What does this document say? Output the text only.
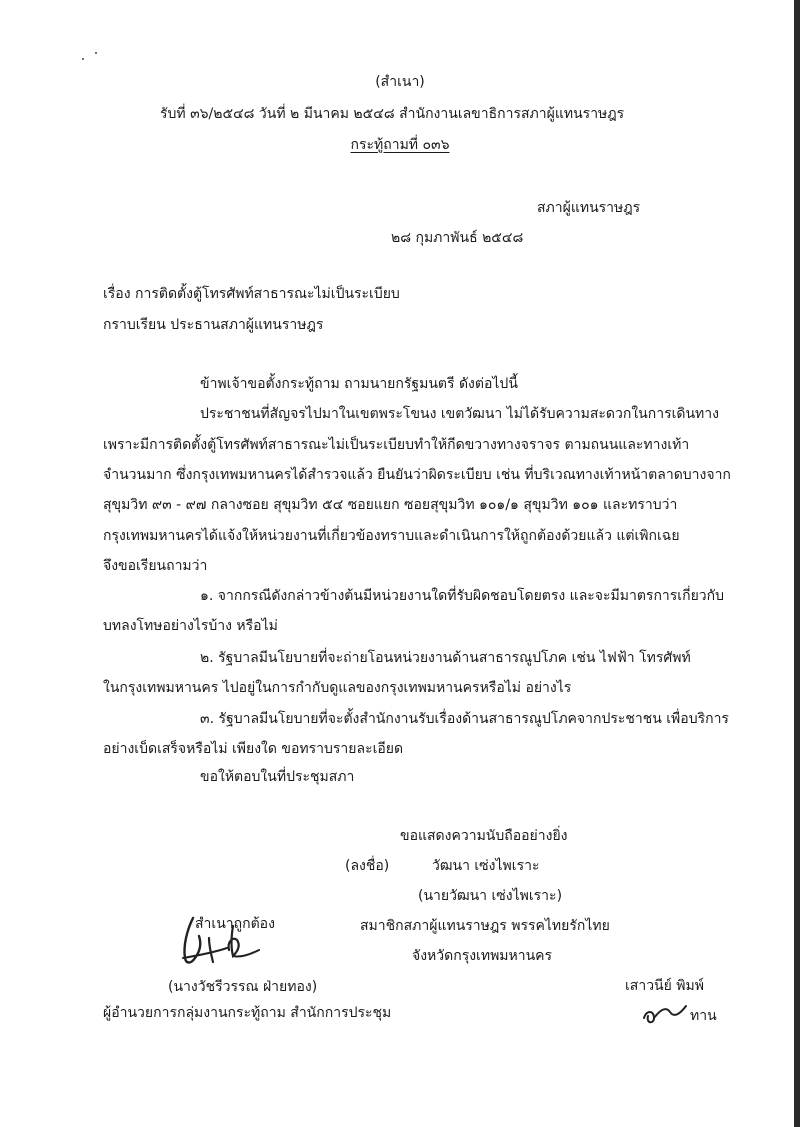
(สำเนา)
รับที่ ๓๖/๒๕๔๘ วันที่ ๒ มีนาคม ๒๕๔๘ สำนักงานเลขาธิการสภาผู้แทนราษฎร
กระทู้ถามที่ ๐๓๖
สภาผู้แทนราษฎร
๒๘ กุมภาพันธ์ ๒๕๔๘
เรื่อง การติดตั้งตู้โทรศัพท์สาธารณะไม่เป็นระเบียบ
กราบเรียน ประธานสภาผู้แทนราษฎร
ข้าพเจ้าขอตั้งกระทู้ถาม ถามนายกรัฐมนตรี ดังต่อไปนี้
ประชาชนที่สัญจรไปมาในเขตพระโขนง เขตวัฒนา ไม่ได้รับความสะดวกในการเดินทาง
เพราะมีการติดตั้งตู้โทรศัพท์สาธารณะไม่เป็นระเบียบทำให้กีดขวางทางจราจร ตามถนนและทางเท้า
จำนวนมาก ซึ่งกรุงเทพมหานครได้สำรวจแล้ว ยืนยันว่าผิดระเบียบ เช่น ที่บริเวณทางเท้าหน้าตลาดบางจาก
สุขุมวิท ๙๓ - ๙๗ กลางซอย สุขุมวิท ๕๔ ซอยแยก ซอยสุขุมวิท ๑๐๑/๑ สุขุมวิท ๑๐๑ และทราบว่า
กรุงเทพมหานครได้แจ้งให้หน่วยงานที่เกี่ยวข้องทราบและดำเนินการให้ถูกต้องด้วยแล้ว แต่เพิกเฉย
จึงขอเรียนถามว่า
๑. จากกรณีดังกล่าวข้างต้นมีหน่วยงานใดที่รับผิดชอบโดยตรง และจะมีมาตรการเกี่ยวกับ
บทลงโทษอย่างไรบ้าง หรือไม่
๒. รัฐบาลมีนโยบายที่จะถ่ายโอนหน่วยงานด้านสาธารณูปโภค เช่น ไฟฟ้า โทรศัพท์
ในกรุงเทพมหานคร ไปอยู่ในการกำกับดูแลของกรุงเทพมหานครหรือไม่ อย่างไร
๓. รัฐบาลมีนโยบายที่จะตั้งสำนักงานรับเรื่องด้านสาธารณูปโภคจากประชาชน เพื่อบริการ
อย่างเบ็ดเสร็จหรือไม่ เพียงใด ขอทราบรายละเอียด
ขอให้ตอบในที่ประชุมสภา
ขอแสดงความนับถืออย่างยิ่ง
(ลงชื่อ)	วัฒนา เซ่งไพเราะ
(นายวัฒนา เซ่งไพเราะ)
สมาชิกสภาผู้แทนราษฎร พรรคไทยรักไทย
จังหวัดกรุงเทพมหานคร
สำเนาถูกต้อง
(นางวัชรีวรรณ ฝ่ายทอง)
ผู้อำนวยการกลุ่มงานกระทู้ถาม สำนักการประชุม
เสาวนีย์ พิมพ์
ทาน
